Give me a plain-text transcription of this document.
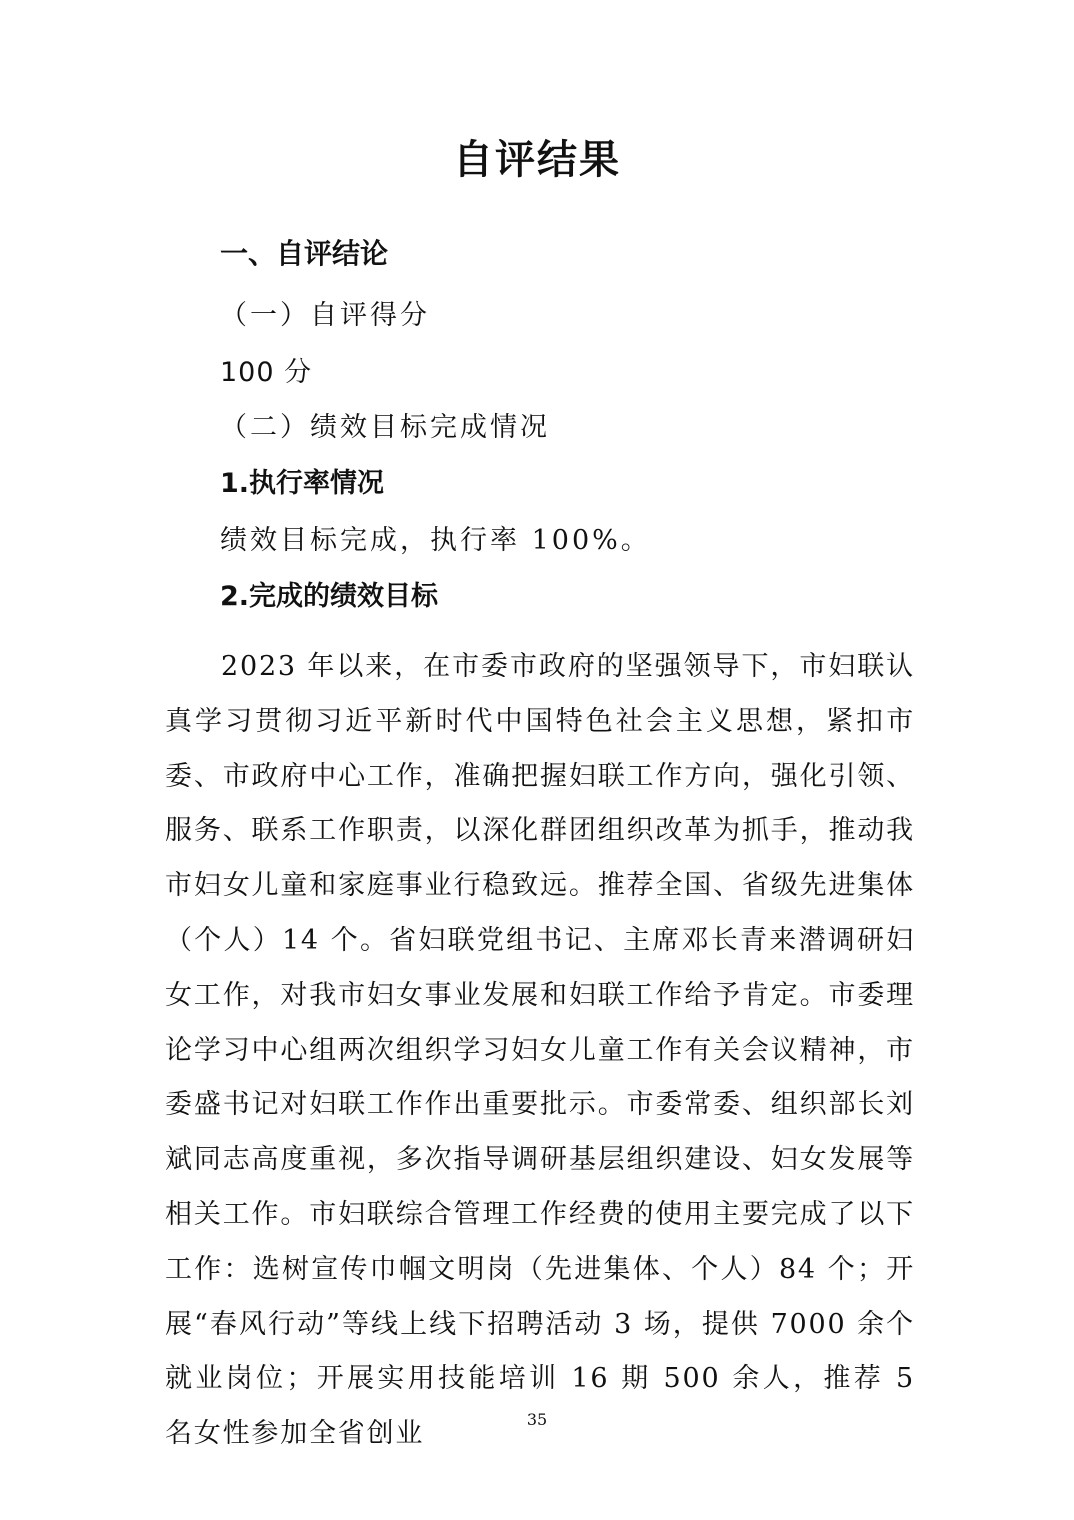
自评结果
一、自评结论

（一）自评得分

100 分

（二）绩效目标完成情况

1.执行率情况

绩效目标完成，执行率 100%。

2.完成的绩效目标

2023 年以来，在市委市政府的坚强领导下，市妇联认真学习贯彻习近平新时代中国特色社会主义思想，紧扣市委、市政府中心工作，准确把握妇联工作方向，强化引领、服务、联系工作职责，以深化群团组织改革为抓手，推动我市妇女儿童和家庭事业行稳致远。推荐全国、省级先进集体（个人）14 个。省妇联党组书记、主席邓长青来潜调研妇女工作，对我市妇女事业发展和妇联工作给予肯定。市委理论学习中心组两次组织学习妇女儿童工作有关会议精神，市委盛书记对妇联工作作出重要批示。市委常委、组织部长刘斌同志高度重视，多次指导调研基层组织建设、妇女发展等相关工作。市妇联综合管理工作经费的使用主要完成了以下工作：选树宣传巾帼文明岗（先进集体、个人）84 个；开展“春风行动”等线上线下招聘活动 3 场，提供 7000 余个就业岗位；开展实用技能培训 16 期 500 余人，推荐 5 名女性参加全省创业	35
